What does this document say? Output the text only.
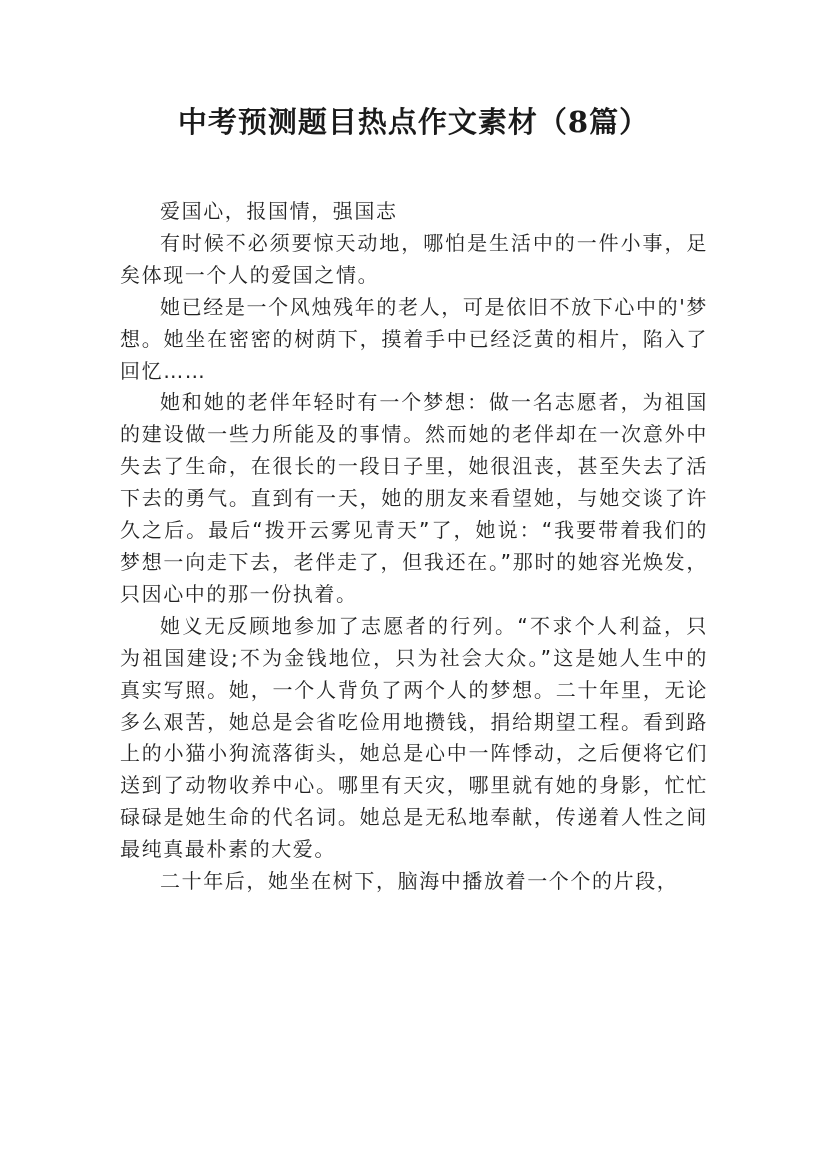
中考预测题目热点作文素材（8篇）

爱国心，报国情，强国志

有时候不必须要惊天动地，哪怕是生活中的一件小事，足矣体现一个人的爱国之情。

她已经是一个风烛残年的老人，可是依旧不放下心中的'梦想。她坐在密密的树荫下，摸着手中已经泛黄的相片，陷入了回忆……

她和她的老伴年轻时有一个梦想：做一名志愿者，为祖国的建设做一些力所能及的事情。然而她的老伴却在一次意外中失去了生命，在很长的一段日子里，她很沮丧，甚至失去了活下去的勇气。直到有一天，她的朋友来看望她，与她交谈了许久之后。最后“拨开云雾见青天”了，她说：“我要带着我们的梦想一向走下去，老伴走了，但我还在。”那时的她容光焕发，只因心中的那一份执着。

她义无反顾地参加了志愿者的行列。“不求个人利益，只为祖国建设;不为金钱地位，只为社会大众。”这是她人生中的真实写照。她，一个人背负了两个人的梦想。二十年里，无论多么艰苦，她总是会省吃俭用地攒钱，捐给期望工程。看到路上的小猫小狗流落街头，她总是心中一阵悸动，之后便将它们送到了动物收养中心。哪里有天灾，哪里就有她的身影，忙忙碌碌是她生命的代名词。她总是无私地奉献，传递着人性之间最纯真最朴素的大爱。

二十年后，她坐在树下，脑海中播放着一个个的片段，
